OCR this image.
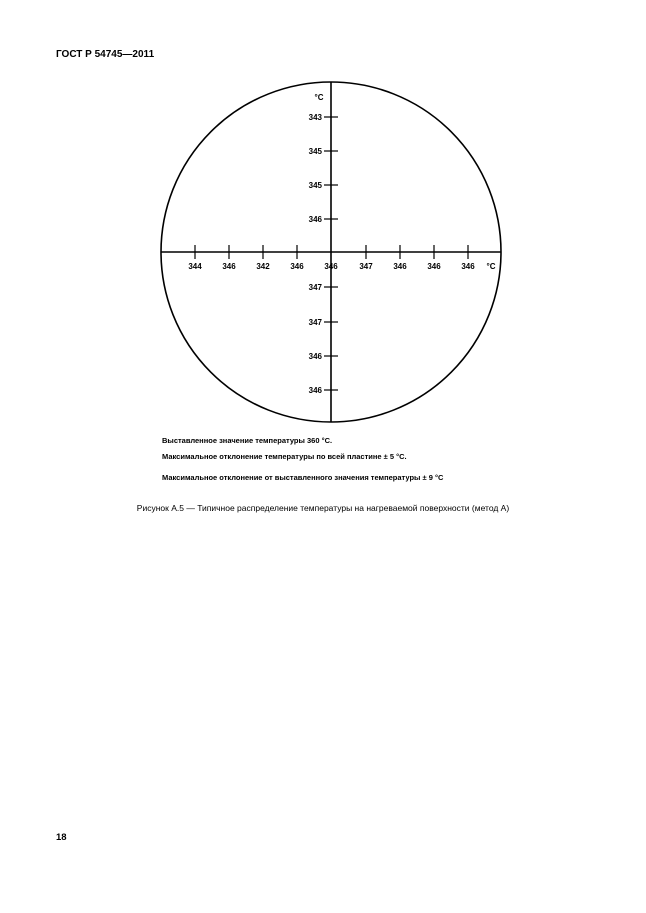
ГОСТ Р 54745—2011
°C
343
345
345
346
347
347
346
346
344	346	342	346	346	347	346	346	346 °C
Выставленное значение температуры 360 °С.
Максимальное отклонение температуры по всей пластине ± 5 °С.
Максимальное отклонение от выставленного значения температуры ± 9 °С
Рисунок А.5 — Типичное распределение температуры на нагреваемой поверхности (метод А)
18
